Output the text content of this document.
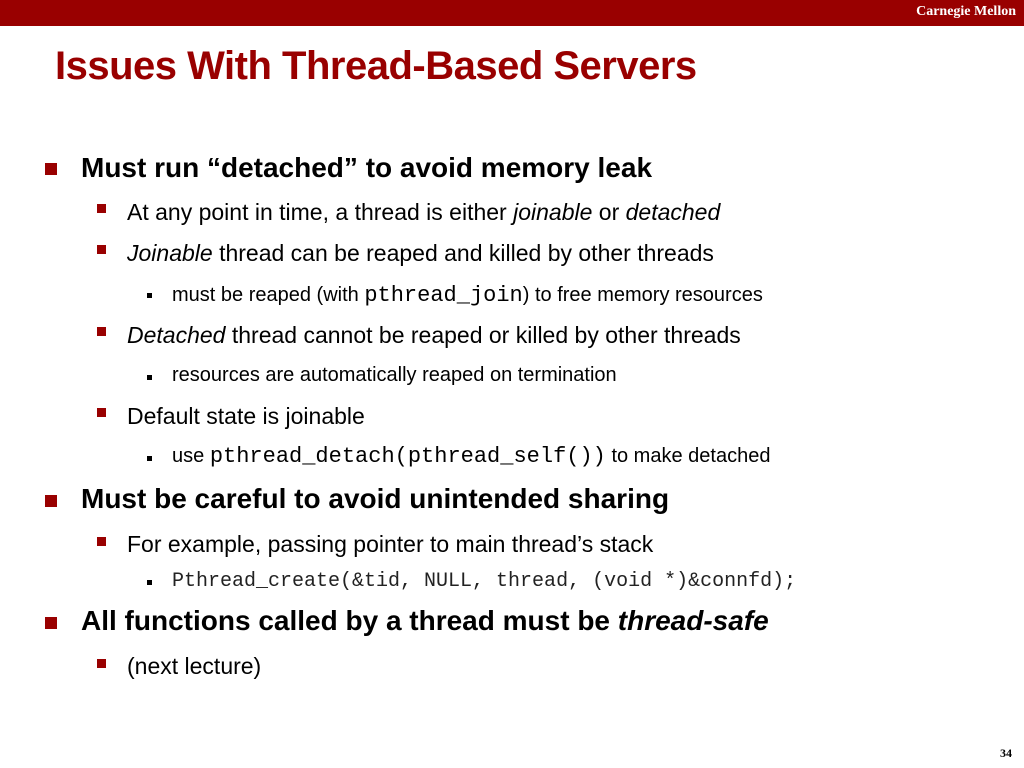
Carnegie Mellon
Issues With Thread-Based Servers
Must run “detached” to avoid memory leak
At any point in time, a thread is either joinable or detached
Joinable thread can be reaped and killed by other threads
must be reaped (with pthread_join) to free memory resources
Detached thread cannot be reaped or killed by other threads
resources are automatically reaped on termination
Default state is joinable
use pthread_detach(pthread_self()) to make detached
Must be careful to avoid unintended sharing
For example, passing pointer to main thread’s stack
Pthread_create(&tid, NULL, thread, (void *)&connfd);
All functions called by a thread must be thread-safe
(next lecture)
34
